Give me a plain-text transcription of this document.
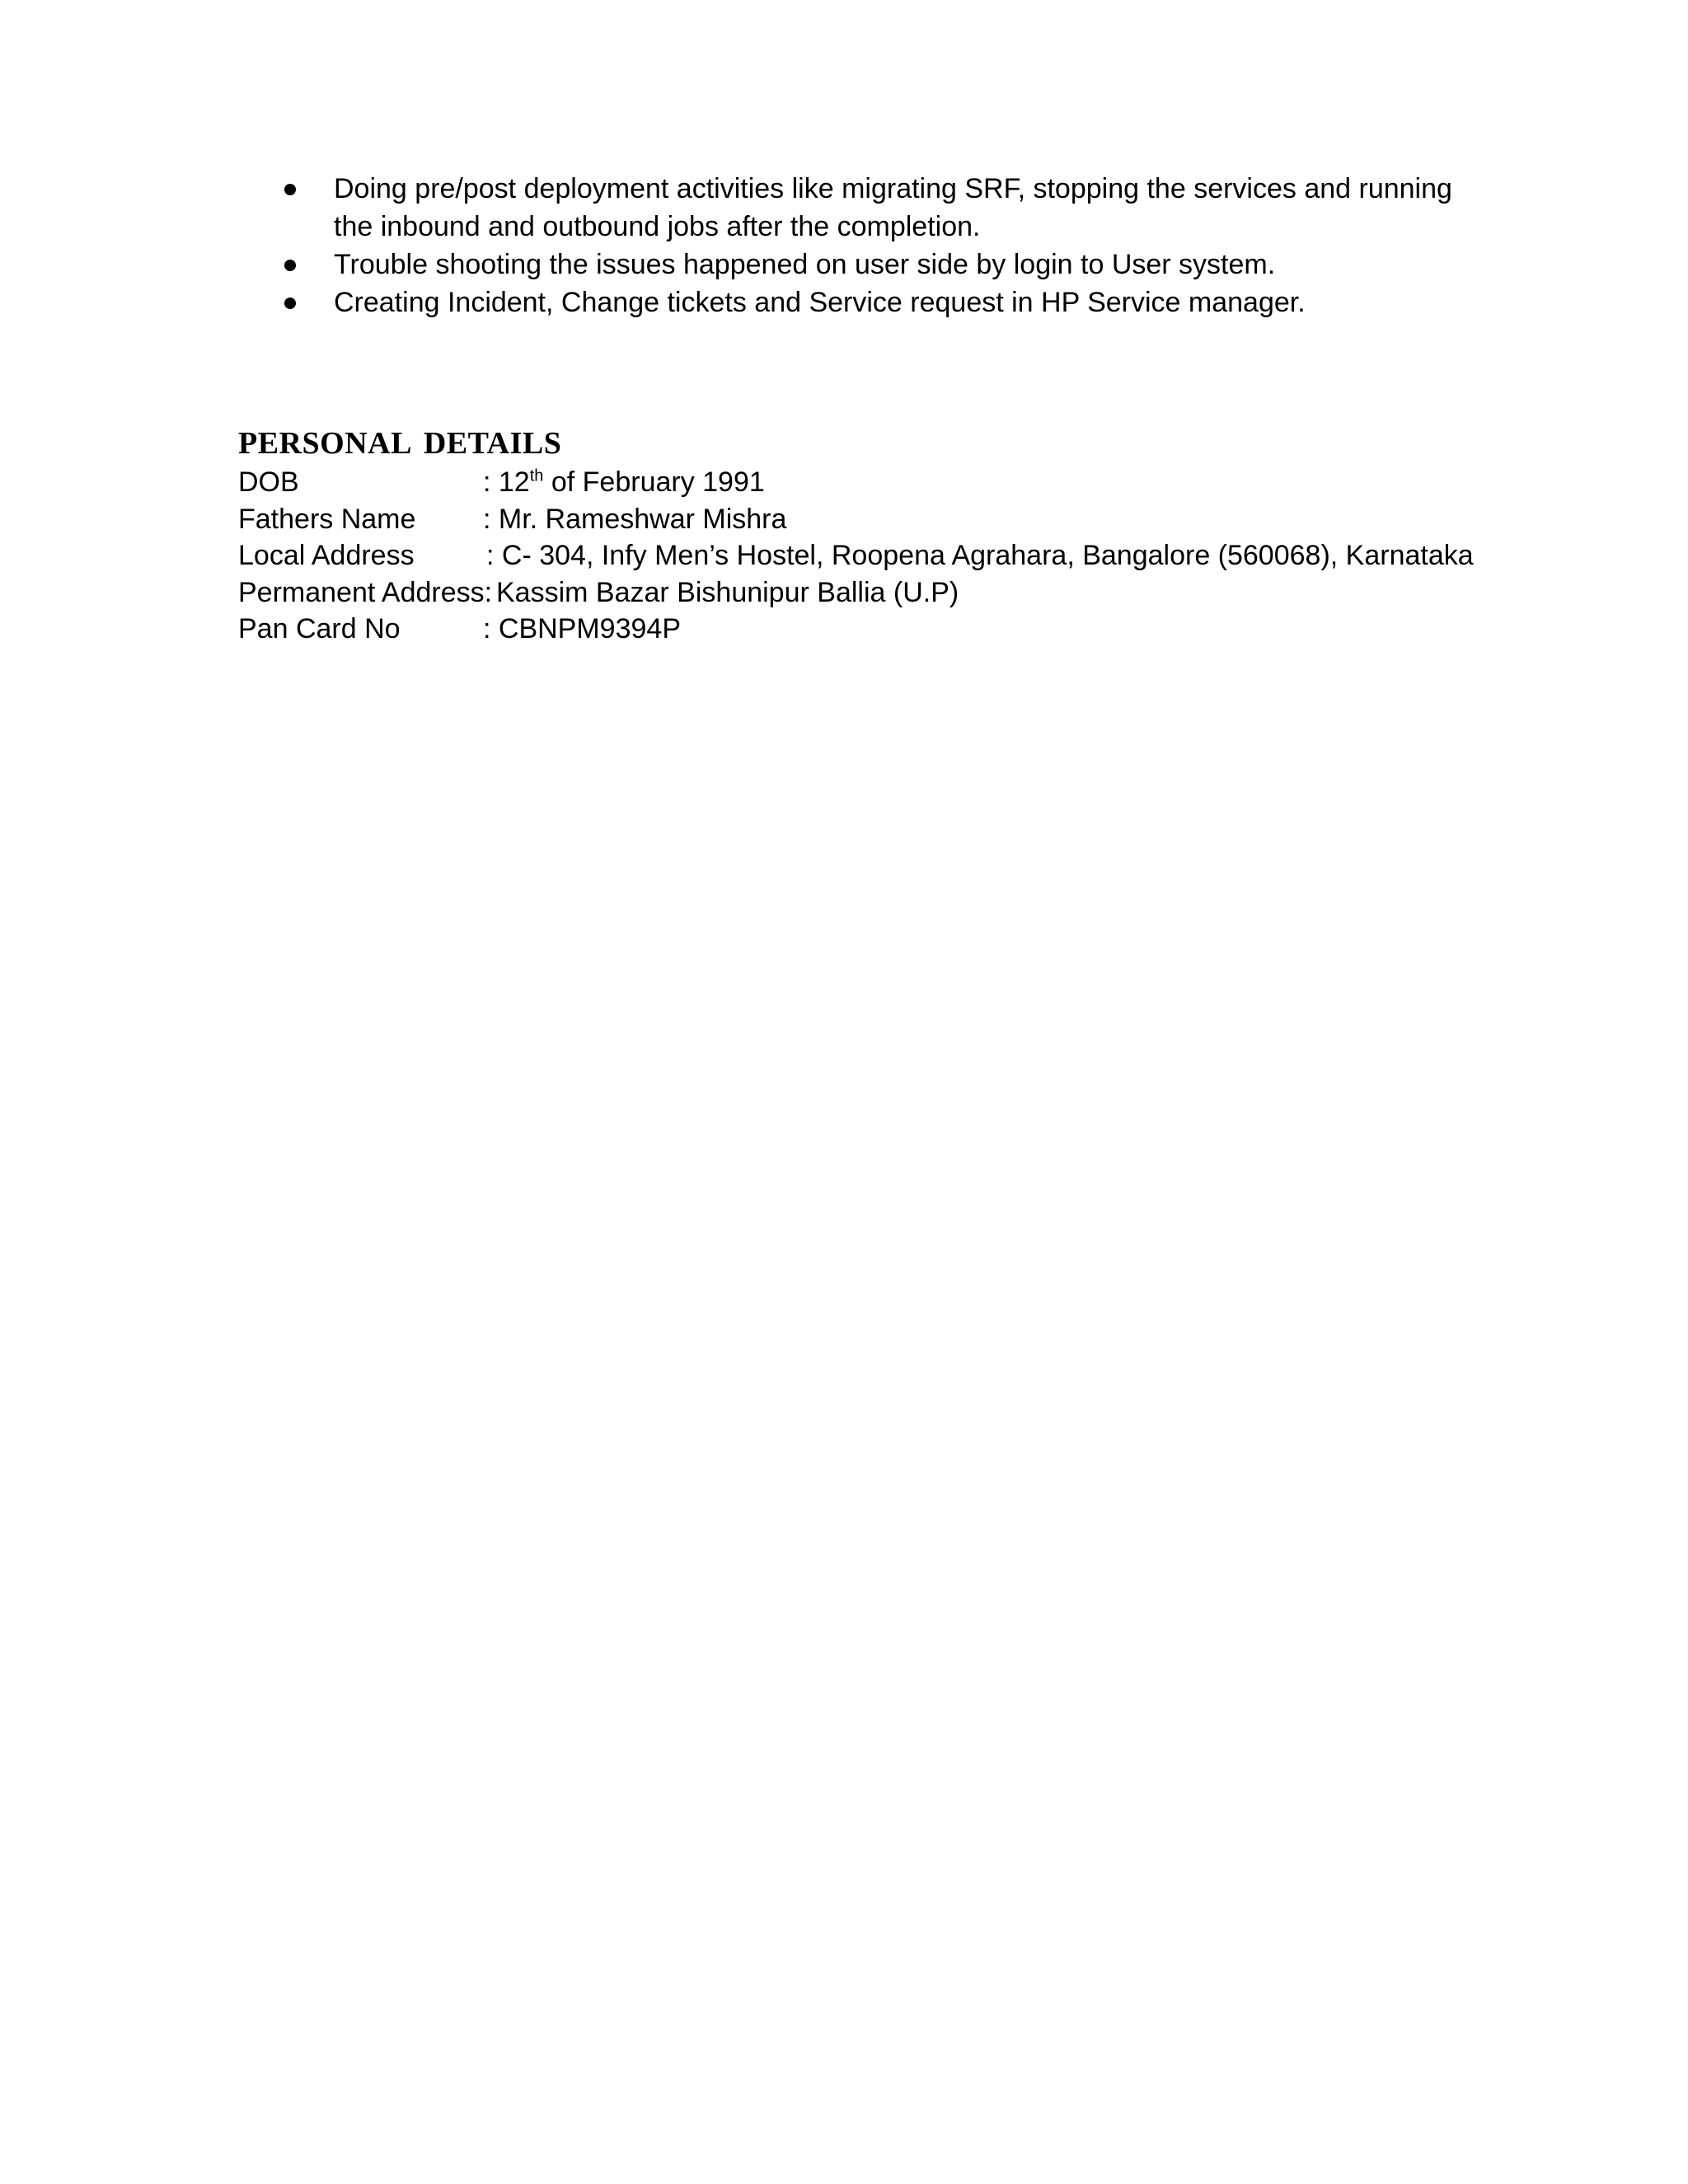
Doing pre/post deployment activities like migrating SRF, stopping the services and running the inbound and outbound jobs after the completion.
Trouble shooting the issues happened on user side by login to User system.
Creating Incident, Change tickets and Service request in HP Service manager.
PERSONAL DETAILS
DOB	: 12th of February 1991
Fathers Name : Mr. Rameshwar Mishra
Local Address	: C- 304, Infy Men’s Hostel, Roopena Agrahara, Bangalore (560068), Karnataka
Permanent Address: Kassim Bazar Bishunipur Ballia (U.P)
Pan Card No	: CBNPM9394P
